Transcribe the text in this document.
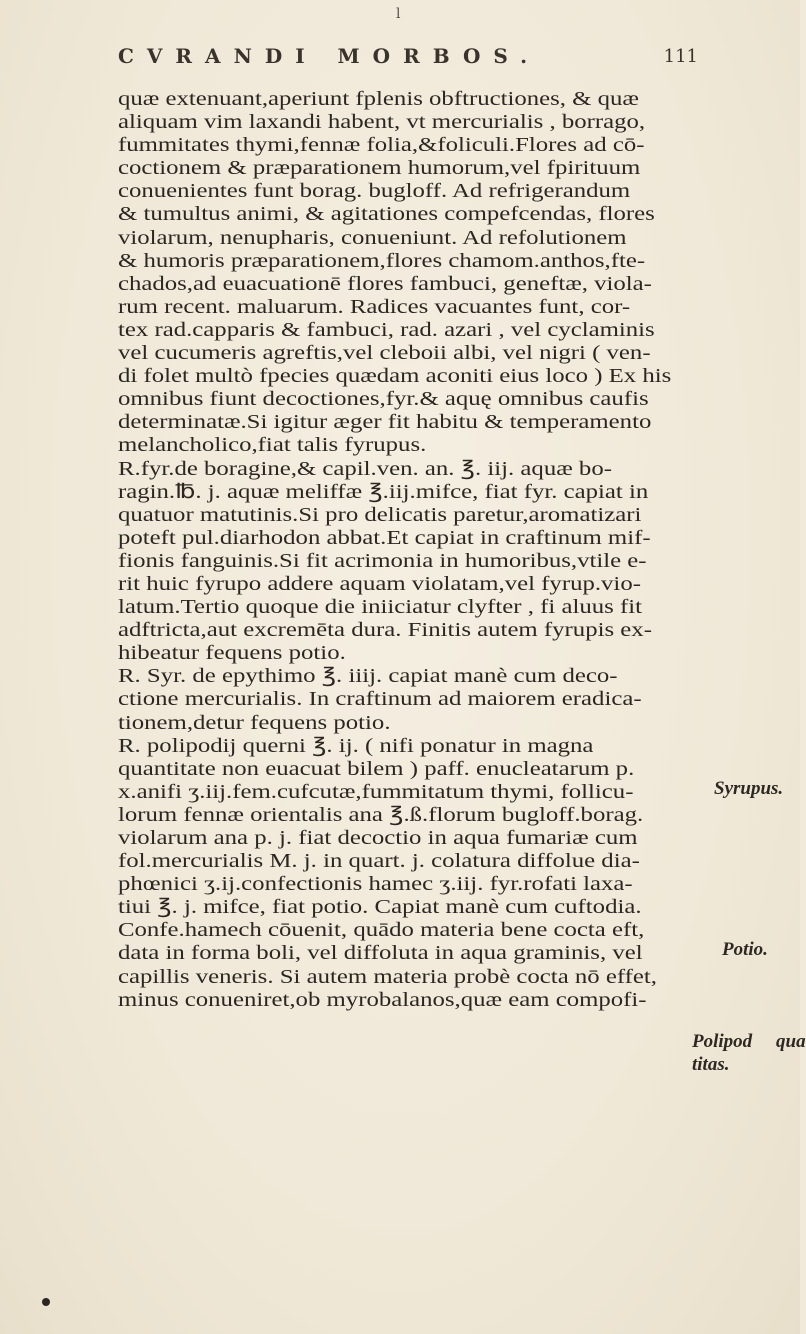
l
CVRANDI MORBOS.	111
quæ extenuant,aperiunt fplenis obftructiones, & quæ
aliquam vim laxandi habent, vt mercurialis , borrago,
fummitates thymi,fennæ folia,&foliculi.Flores ad cō-
coctionem & præparationem humorum,vel fpirituum
conuenientes funt borag. bugloff. Ad refrigerandum
& tumultus animi, & agitationes compefcendas, flores
violarum, nenupharis, conueniunt. Ad refolutionem
& humoris præparationem,flores chamom.anthos,fte-
chados,ad euacuationē flores fambuci, geneftæ, viola-
rum recent. maluarum. Radices vacuantes funt, cor-
tex rad.capparis & fambuci, rad. azari , vel cyclaminis
vel cucumeris agreftis,vel cleboii albi, vel nigri ( ven-
di folet multò fpecies quædam aconiti eius loco ) Ex his
omnibus fiunt decoctiones,fyr.& aquę omnibus caufis
determinatæ.Si igitur æger fit habitu & temperamento
melancholico,fiat talis fyrupus.
R.fyr.de boragine,& capil.ven. an. ℥. iij. aquæ bo-
ragin.℔. j. aquæ meliffæ ℥.iij.mifce, fiat fyr. capiat in
quatuor matutinis.Si pro delicatis paretur,aromatizari
poteft pul.diarhodon abbat.Et capiat in craftinum mif-
fionis fanguinis.Si fit acrimonia in humoribus,vtile e-
rit huic fyrupo addere aquam violatam,vel fyrup.vio-
latum.Tertio quoque die iniiciatur clyfter , fi aluus fit
adftricta,aut excremēta dura. Finitis autem fyrupis ex-
hibeatur fequens potio.
R. Syr. de epythimo ℥. iiij. capiat manè cum deco-
ctione mercurialis. In craftinum ad maiorem eradica-
tionem,detur fequens potio.
R. polipodij querni ℥. ij. ( nifi ponatur in magna
quantitate non euacuat bilem ) paff. enucleatarum p.
x.anifi ʒ.iij.fem.cufcutæ,fummitatum thymi, follicu-
lorum fennæ orientalis ana ℥.ß.florum bugloff.borag.
violarum ana p. j. fiat decoctio in aqua fumariæ cum
fol.mercurialis M. j. in quart. j. colatura diffolue dia-
phœnici ʒ.ij.confectionis hamec ʒ.iij. fyr.rofati laxa-
tiui ℥. j. mifce, fiat potio. Capiat manè cum cuftodia.
Confe.hamech cōuenit, quādo materia bene cocta eft,
data in forma boli, vel diffoluta in aqua graminis, vel
capillis veneris. Si autem materia probè cocta nō effet,
minus conueniret,ob myrobalanos,quæ eam compofi-
Syrupus.
Potio.
Polipod qua
titas.
